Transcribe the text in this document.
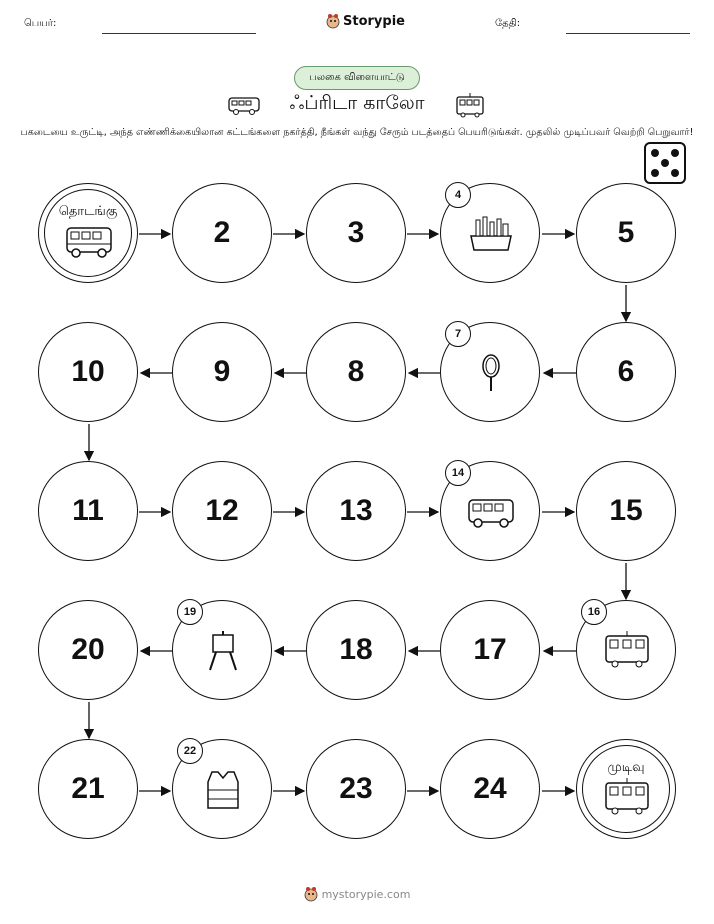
பெயர்:	Storypie	தேதி:
பலகை விளையாட்டு
ஃப்ரிடா காலோ
பகடையை உருட்டி, அந்த எண்ணிக்கையிலான கட்டங்களை நகர்த்தி, நீங்கள் வந்து சேரும் படத்தைப் பெயரிடுங்கள். முதலில் முடிப்பவர் வெற்றி பெறுவார்!
தொடங்கு
2	3
4
5
6
7
8
9
10
11	12	13
14
15
16
17
18
19
20
21
22
23	24
முடிவு
mystorypie.com
